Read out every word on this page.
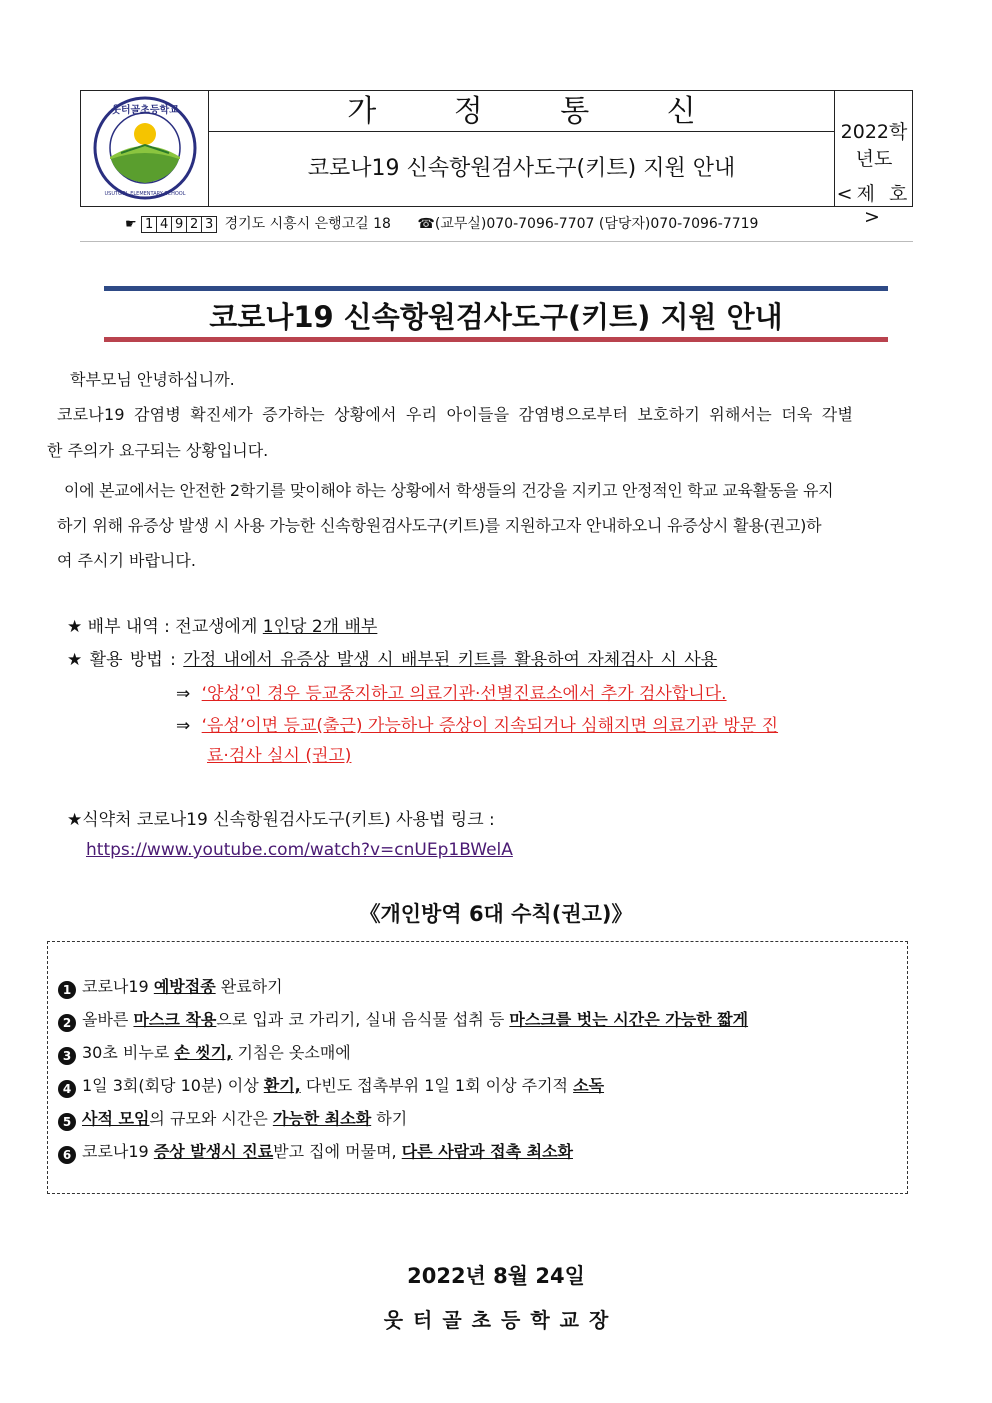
웃터골초등학교
USUTGOL ELEMENTARY SCHOOL
가 정 통 신
코로나19 신속항원검사도구(키트) 지원 안내
2022학년도
<제 호>
☛ 1 4 9 2 3 경기도 시흥시 은행고길 18 ☎(교무실)070-7096-7707 (담당자)070-7096-7719
코로나19 신속항원검사도구(키트) 지원 안내
학부모님 안녕하십니까.
코로나19 감염병 확진세가 증가하는 상황에서 우리 아이들을 감염병으로부터 보호하기 위해서는 더욱 각별
한 주의가 요구되는 상황입니다.
이에 본교에서는 안전한 2학기를 맞이해야 하는 상황에서 학생들의 건강을 지키고 안정적인 학교 교육활동을 유지
하기 위해 유증상 발생 시 사용 가능한 신속항원검사도구(키트)를 지원하고자 안내하오니 유증상시 활용(권고)하
여 주시기 바랍니다.
★ 배부 내역 : 전교생에게 1인당 2개 배부
★ 활용 방법 : 가정 내에서 유증상 발생 시 배부된 키트를 활용하여 자체검사 시 사용
⇒ ‘양성’인 경우 등교중지하고 의료기관·선별진료소에서 추가 검사합니다.
⇒ ‘음성’이면 등교(출근) 가능하나 증상이 지속되거나 심해지면 의료기관 방문 진
료·검사 실시 (권고)
★식약처 코로나19 신속항원검사도구(키트) 사용법 링크 :
https://www.youtube.com/watch?v=cnUEp1BWelA
《개인방역 6대 수칙(권고)》
1 코로나19 예방접종 완료하기
2 올바른 마스크 착용으로 입과 코 가리기, 실내 음식물 섭취 등 마스크를 벗는 시간은 가능한 짧게
3 30초 비누로 손 씻기, 기침은 옷소매에
4 1일 3회(회당 10분) 이상 환기, 다빈도 접촉부위 1일 1회 이상 주기적 소독
5 사적 모임의 규모와 시간은 가능한 최소화 하기
6 코로나19 증상 발생시 진료받고 집에 머물며, 다른 사람과 접촉 최소화
2022년 8월 24일
웃터골초등학교장
